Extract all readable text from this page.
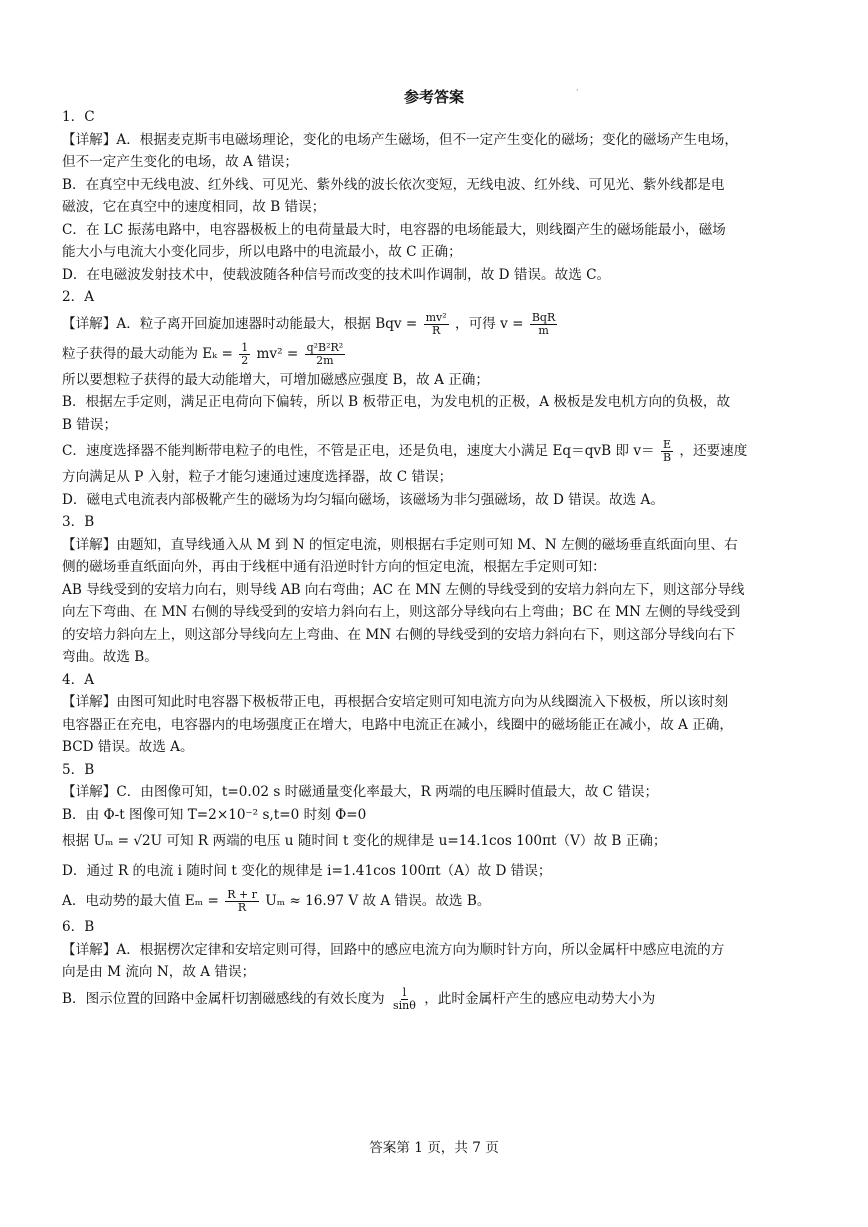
参考答案	·
1．C
【详解】A．根据麦克斯韦电磁场理论，变化的电场产生磁场，但不一定产生变化的磁场；变化的磁场产生电场，
但不一定产生变化的电场，故 A 错误；
B．在真空中无线电波、红外线、可见光、紫外线的波长依次变短，无线电波、红外线、可见光、紫外线都是电
磁波，它在真空中的速度相同，故 B 错误；
C．在 LC 振荡电路中，电容器极板上的电荷量最大时，电容器的电场能最大，则线圈产生的磁场能最小，磁场
能大小与电流大小变化同步，所以电路中的电流最小，故 C 正确；
D．在电磁波发射技术中，使载波随各种信号而改变的技术叫作调制，故 D 错误。故选 C。
2．A
【详解】A．粒子离开回旋加速器时动能最大，根据 Bqv = $\frac{\text{mv²}}{R}$ ，可得 $v = \frac{\text{BqR}}{m}$
粒子获得的最大动能为 $E_k = \frac{1}{2} mv^2 = \frac{\text{q²B²R²}}{2m}$
所以要想粒子获得的最大动能增大，可增加磁感应强度 B，故 A 正确；
B．根据左手定则，满足正电荷向下偏转，所以 B 板带正电，为发电机的正极，A 极板是发电机方向的负极，故
B 错误；
C．速度选择器不能判断带电粒子的电性，不管是正电，还是负电，速度大小满足 Eq＝qvB 即 $v= \frac{E}{B}$ ，还要速度
方向满足从 P 入射，粒子才能匀速通过速度选择器，故 C 错误；
D．磁电式电流表内部极靴产生的磁场为均匀辐向磁场，该磁场为非匀强磁场，故 D 错误。故选 A。
3．B
【详解】由题知，直导线通入从 M 到 N 的恒定电流，则根据右手定则可知 M、N 左侧的磁场垂直纸面向里、右
侧的磁场垂直纸面向外，再由于线框中通有沿逆时针方向的恒定电流，根据左手定则可知：
AB 导线受到的安培力向右，则导线 AB 向右弯曲；AC 在 MN 左侧的导线受到的安培力斜向左下，则这部分导线
向左下弯曲、在 MN 右侧的导线受到的安培力斜向右上，则这部分导线向右上弯曲；BC 在 MN 左侧的导线受到
的安培力斜向左上，则这部分导线向左上弯曲、在 MN 右侧的导线受到的安培力斜向右下，则这部分导线向右下
弯曲。故选 B。
4．A
【详解】由图可知此时电容器下极板带正电，再根据合安培定则可知电流方向为从线圈流入下极板，所以该时刻
电容器正在充电，电容器内的电场强度正在增大，电路中电流正在减小，线圈中的磁场能正在减小，故 A 正确，
BCD 错误。故选 A。
5．B
【详解】C．由图像可知，t=0.02 s 时磁通量变化率最大，R 两端的电压瞬时值最大，故 C 错误；
B．由 Φ-t 图像可知 T=2×10⁻² s,t=0 时刻 Φ=0
根据 Uₘ = √2U 可知 R 两端的电压 u 随时间 t 变化的规律是 u=14.1cos 100πt（V）故 B 正确；
D．通过 R 的电流 i 随时间 t 变化的规律是 i=1.41cos 100πt（A）故 D 错误；
A．电动势的最大值 $E_m = \frac{R + r}{R}$ Uₘ ≈ 16.97 V 故 A 错误。故选 B。
6．B
【详解】A．根据楞次定律和安培定则可得，回路中的感应电流方向为顺时针方向，所以金属杆中感应电流的方
向是由 M 流向 N，故 A 错误；
B．图示位置的回路中金属杆切割磁感线的有效长度为 $\frac{l}{\sin\theta}$ ，此时金属杆产生的感应电动势大小为
答案第 1 页，共 7 页
